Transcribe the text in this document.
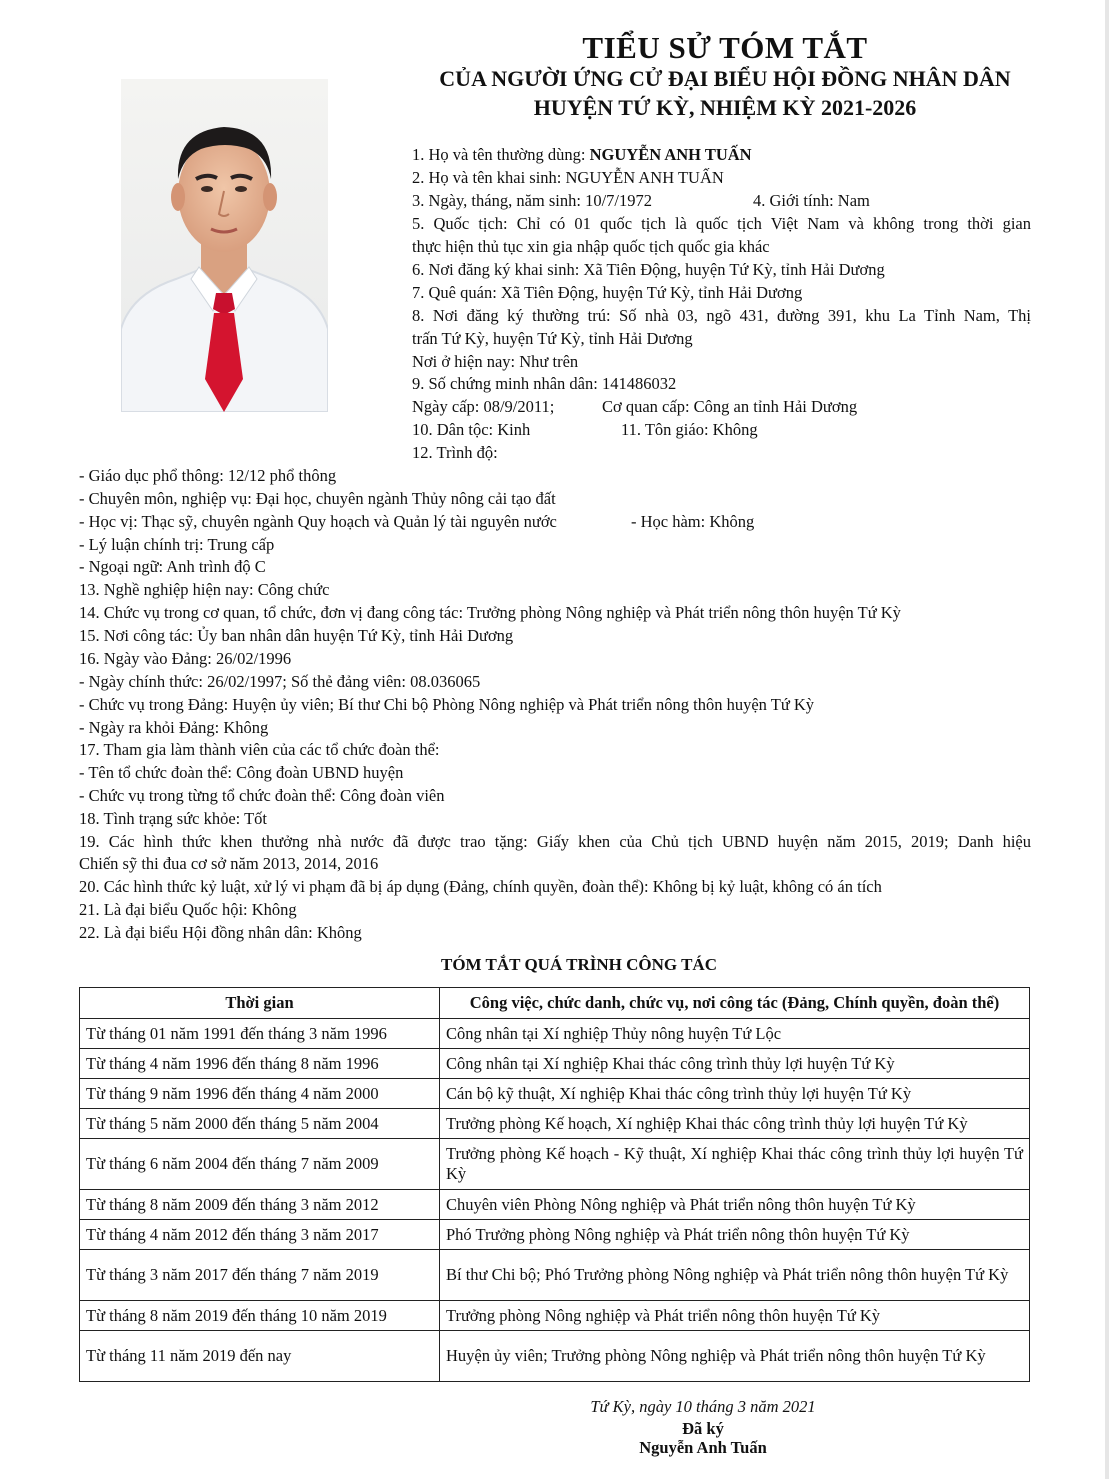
TIỂU SỬ TÓM TẮT
CỦA NGƯỜI ỨNG CỬ ĐẠI BIỂU HỘI ĐỒNG NHÂN DÂN
HUYỆN TỨ KỲ, NHIỆM KỲ 2021-2026
1. Họ và tên thường dùng: NGUYỄN ANH TUẤN
2. Họ và tên khai sinh: NGUYỄN ANH TUẤN
3. Ngày, tháng, năm sinh: 10/7/1972	4. Giới tính: Nam
5. Quốc tịch: Chỉ có 01 quốc tịch là quốc tịch Việt Nam và không trong thời gian
thực hiện thủ tục xin gia nhập quốc tịch quốc gia khác
6. Nơi đăng ký khai sinh: Xã Tiên Động, huyện Tứ Kỳ, tỉnh Hải Dương
7. Quê quán: Xã Tiên Động, huyện Tứ Kỳ, tỉnh Hải Dương
8. Nơi đăng ký thường trú: Số nhà 03, ngõ 431, đường 391, khu La Tỉnh Nam, Thị
trấn Tứ Kỳ, huyện Tứ Kỳ, tỉnh Hải Dương
Nơi ở hiện nay: Như trên
9. Số chứng minh nhân dân: 141486032
Ngày cấp: 08/9/2011;	Cơ quan cấp: Công an tỉnh Hải Dương
10. Dân tộc: Kinh	11. Tôn giáo: Không
12. Trình độ:
- Giáo dục phổ thông: 12/12 phổ thông
- Chuyên môn, nghiệp vụ: Đại học, chuyên ngành Thủy nông cải tạo đất
- Học vị: Thạc sỹ, chuyên ngành Quy hoạch và Quản lý tài nguyên nước	- Học hàm: Không
- Lý luận chính trị: Trung cấp
- Ngoại ngữ: Anh trình độ C
13. Nghề nghiệp hiện nay: Công chức
14. Chức vụ trong cơ quan, tổ chức, đơn vị đang công tác: Trưởng phòng Nông nghiệp và Phát triển nông thôn huyện Tứ Kỳ
15. Nơi công tác: Ủy ban nhân dân huyện Tứ Kỳ, tỉnh Hải Dương
16. Ngày vào Đảng: 26/02/1996
- Ngày chính thức: 26/02/1997; Số thẻ đảng viên: 08.036065
- Chức vụ trong Đảng: Huyện ủy viên; Bí thư Chi bộ Phòng Nông nghiệp và Phát triển nông thôn huyện Tứ Kỳ
- Ngày ra khỏi Đảng: Không
17. Tham gia làm thành viên của các tổ chức đoàn thể:
- Tên tổ chức đoàn thể: Công đoàn UBND huyện
- Chức vụ trong từng tổ chức đoàn thể: Công đoàn viên
18. Tình trạng sức khỏe: Tốt
19. Các hình thức khen thưởng nhà nước đã được trao tặng: Giấy khen của Chủ tịch UBND huyện năm 2015, 2019; Danh hiệu
Chiến sỹ thi đua cơ sở năm 2013, 2014, 2016
20. Các hình thức kỷ luật, xử lý vi phạm đã bị áp dụng (Đảng, chính quyền, đoàn thể): Không bị kỷ luật, không có án tích
21. Là đại biểu Quốc hội: Không
22. Là đại biểu Hội đồng nhân dân: Không
TÓM TẮT QUÁ TRÌNH CÔNG TÁC
Thời gian	Công việc, chức danh, chức vụ, nơi công tác (Đảng, Chính quyền, đoàn thể)
Từ tháng 01 năm 1991 đến tháng 3 năm 1996	Công nhân tại Xí nghiệp Thủy nông huyện Tứ Lộc
Từ tháng 4 năm 1996 đến tháng 8 năm 1996	Công nhân tại Xí nghiệp Khai thác công trình thủy lợi huyện Tứ Kỳ
Từ tháng 9 năm 1996 đến tháng 4 năm 2000	Cán bộ kỹ thuật, Xí nghiệp Khai thác công trình thủy lợi huyện Tứ Kỳ
Từ tháng 5 năm 2000 đến tháng 5 năm 2004	Trưởng phòng Kế hoạch, Xí nghiệp Khai thác công trình thủy lợi huyện Tứ Kỳ
Từ tháng 6 năm 2004 đến tháng 7 năm 2009	Trưởng phòng Kế hoạch - Kỹ thuật, Xí nghiệp Khai thác công trình thủy lợi huyện Tứ Kỳ
Từ tháng 8 năm 2009 đến tháng 3 năm 2012	Chuyên viên Phòng Nông nghiệp và Phát triển nông thôn huyện Tứ Kỳ
Từ tháng 4 năm 2012 đến tháng 3 năm 2017	Phó Trưởng phòng Nông nghiệp và Phát triển nông thôn huyện Tứ Kỳ
Từ tháng 3 năm 2017 đến tháng 7 năm 2019	Bí thư Chi bộ; Phó Trưởng phòng Nông nghiệp và Phát triển nông thôn huyện Tứ Kỳ
Từ tháng 8 năm 2019 đến tháng 10 năm 2019	Trưởng phòng Nông nghiệp và Phát triển nông thôn huyện Tứ Kỳ
Từ tháng 11 năm 2019 đến nay	Huyện ủy viên; Trưởng phòng Nông nghiệp và Phát triển nông thôn huyện Tứ Kỳ
Tứ Kỳ, ngày 10 tháng 3 năm 2021
Đã ký
Nguyễn Anh Tuấn
